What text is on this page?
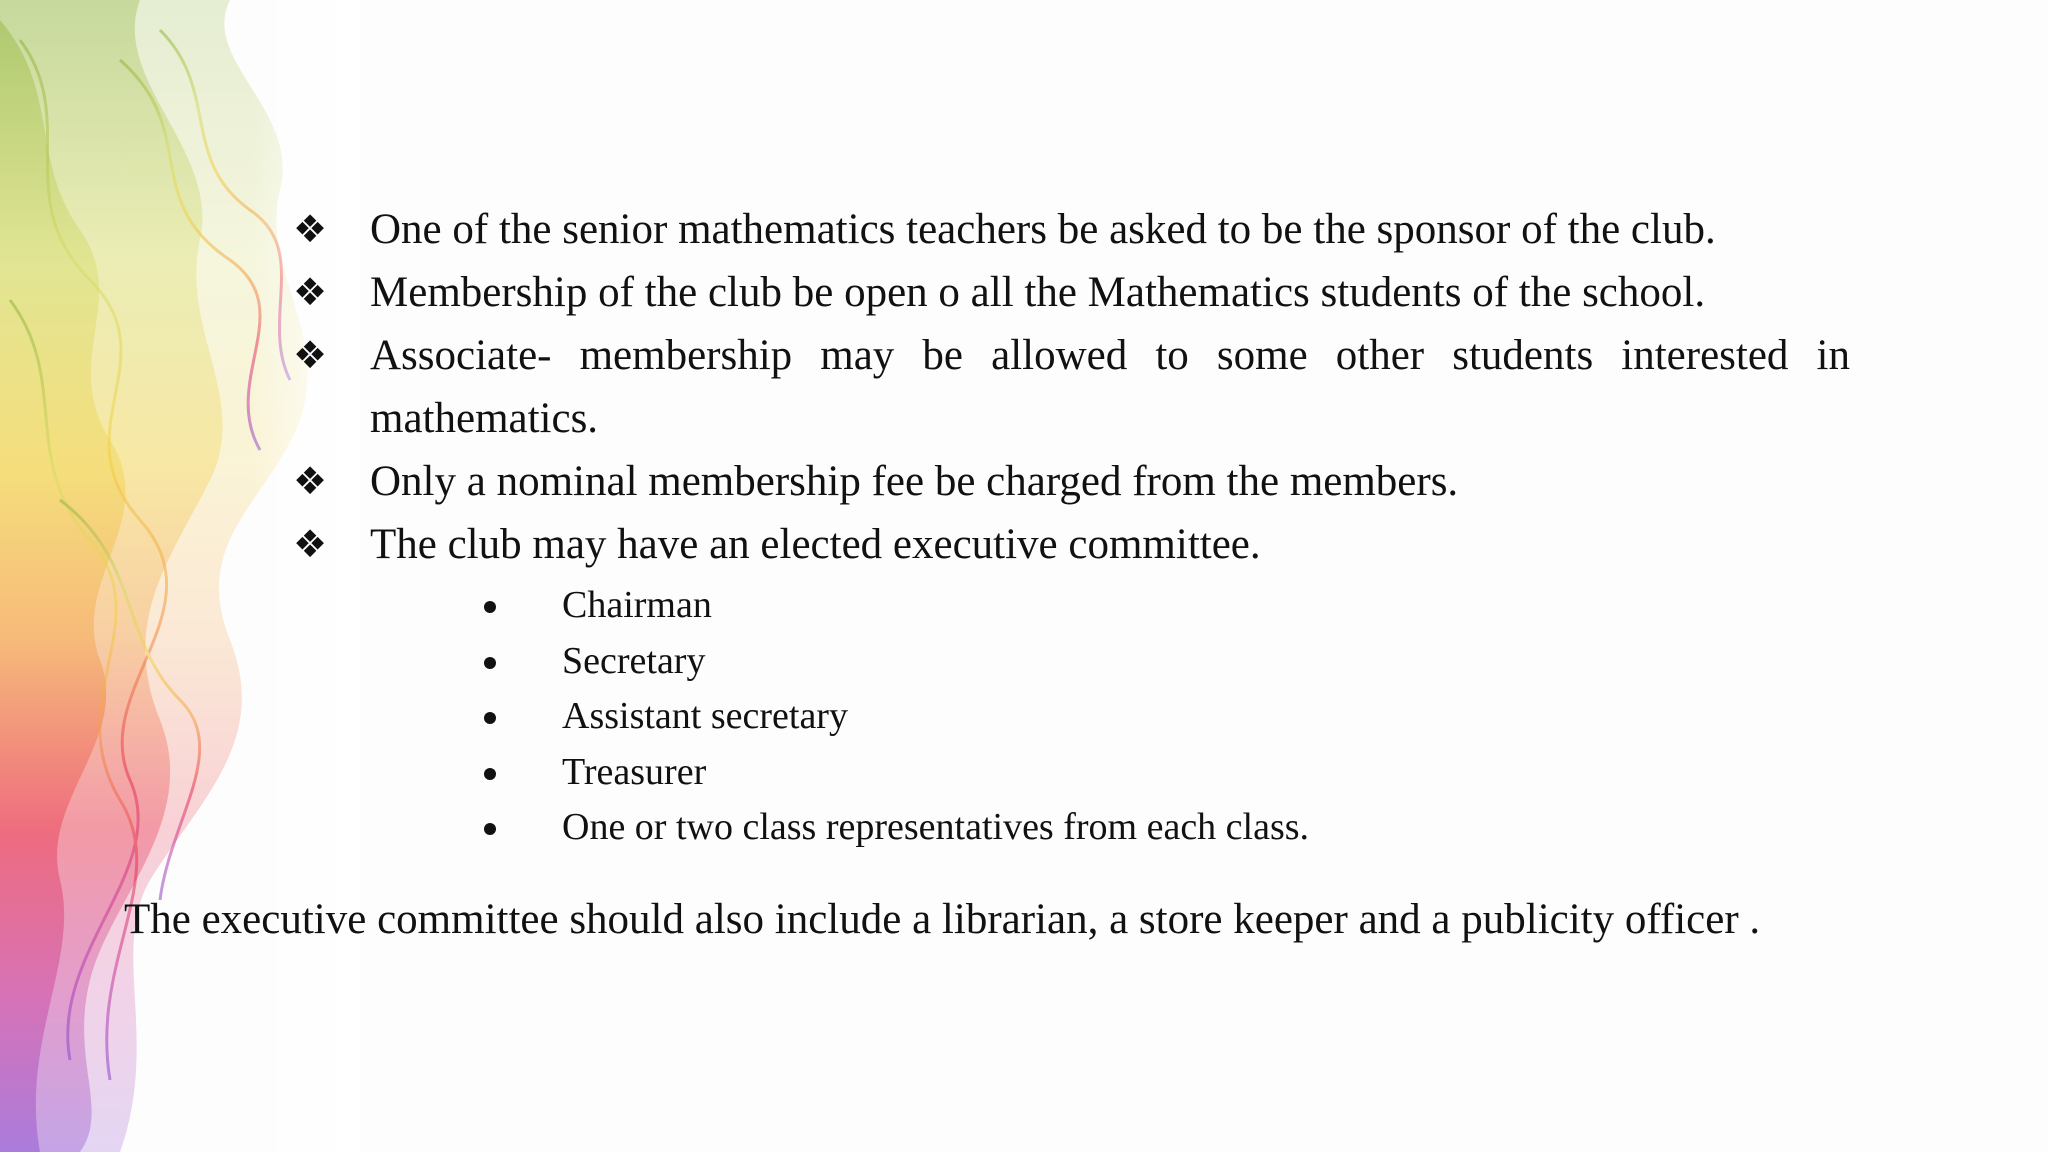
❖ One of the senior mathematics teachers be asked to be the sponsor of the club.
❖ Membership of the club be open o all the Mathematics students of the school.
❖ Associate- membership may be allowed to some other students interested in mathematics.
❖ Only a nominal membership fee be charged from the members.
❖ The club may have an elected executive committee.
Chairman
Secretary
Assistant secretary
Treasurer
One or two class representatives from each class.

The executive committee should also include a librarian, a store keeper and a publicity officer .
